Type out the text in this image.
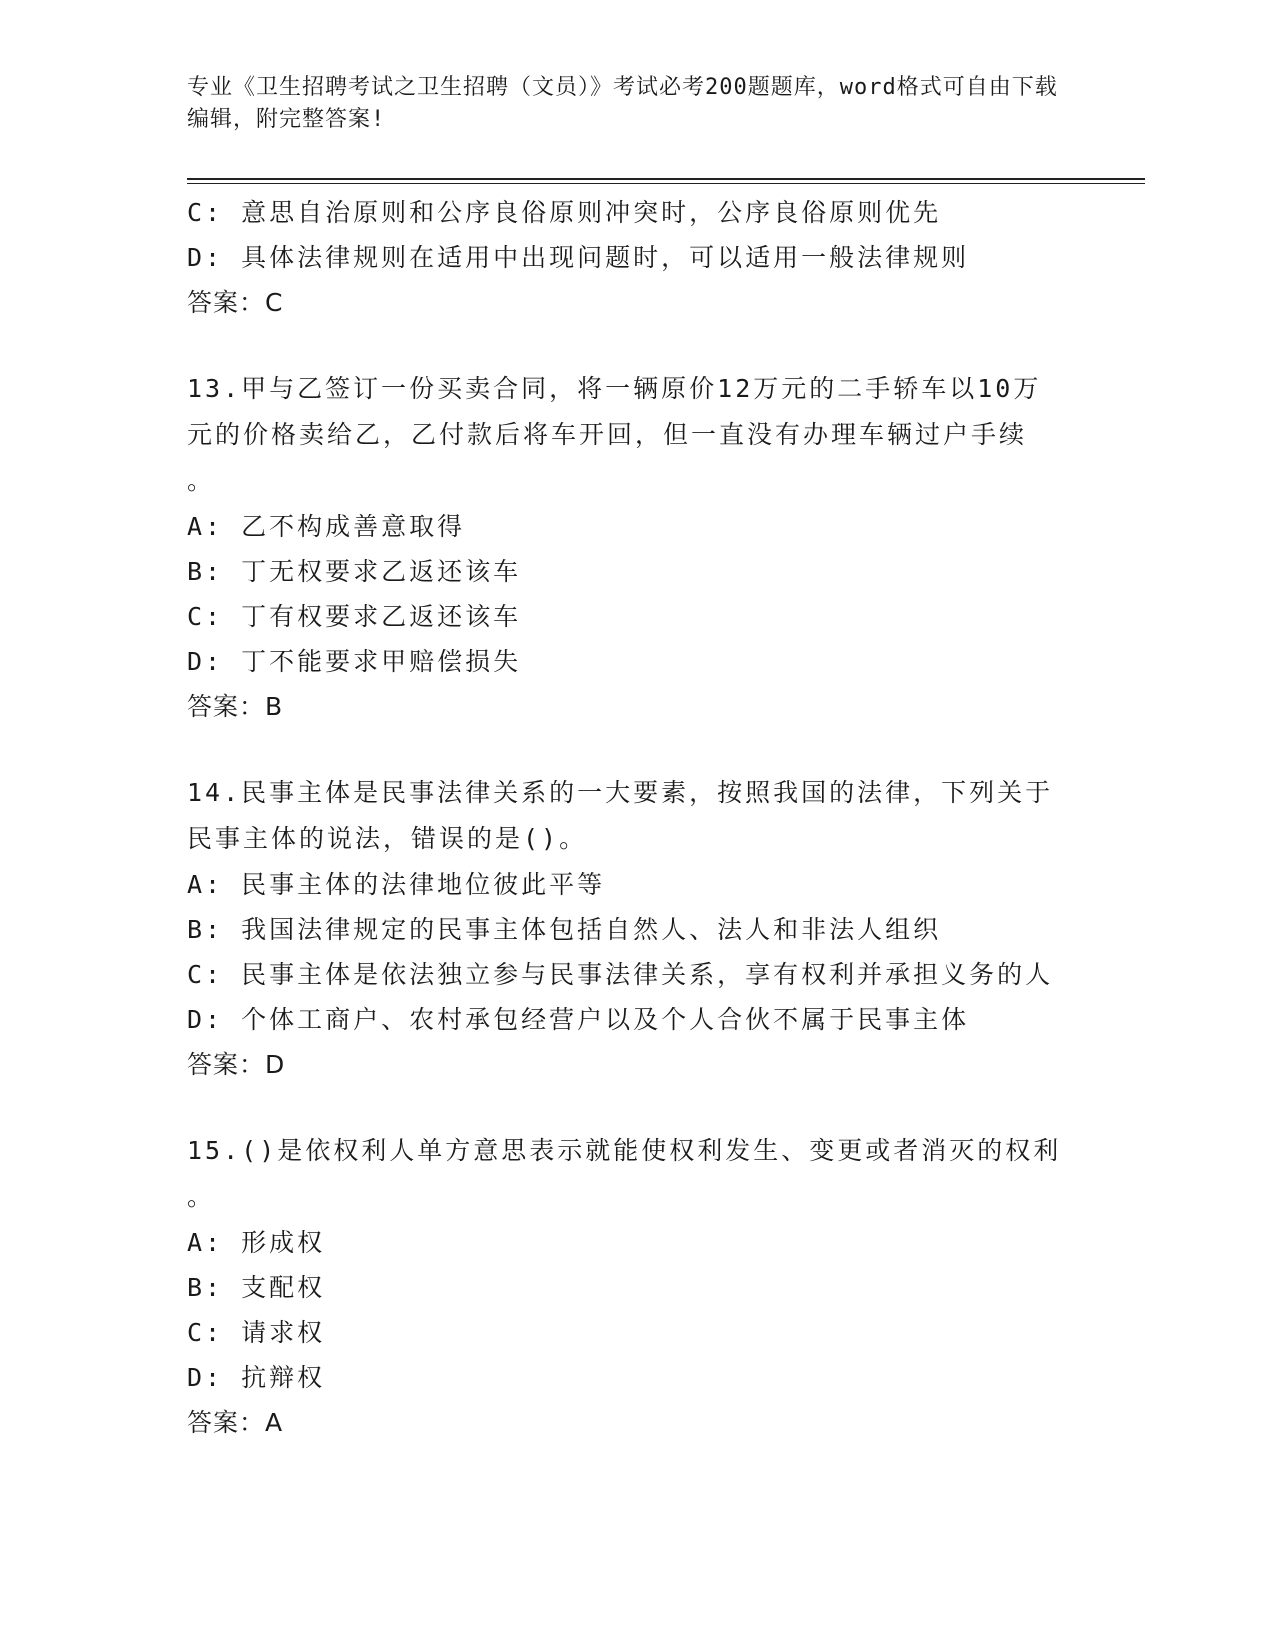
专业《卫生招聘考试之卫生招聘（文员）》考试必考200题题库，word格式可自由下载编辑，附完整答案!
C: 意思自治原则和公序良俗原则冲突时，公序良俗原则优先
D: 具体法律规则在适用中出现问题时，可以适用一般法律规则
答案：C
13.甲与乙签订一份买卖合同，将一辆原价12万元的二手轿车以10万
元的价格卖给乙，乙付款后将车开回，但一直没有办理车辆过户手续
。
A: 乙不构成善意取得
B: 丁无权要求乙返还该车
C: 丁有权要求乙返还该车
D: 丁不能要求甲赔偿损失
答案：B
14.民事主体是民事法律关系的一大要素，按照我国的法律，下列关于
民事主体的说法，错误的是()。
A: 民事主体的法律地位彼此平等
B: 我国法律规定的民事主体包括自然人、法人和非法人组织
C: 民事主体是依法独立参与民事法律关系，享有权利并承担义务的人
D: 个体工商户、农村承包经营户以及个人合伙不属于民事主体
答案：D
15.()是依权利人单方意思表示就能使权利发生、变更或者消灭的权利
。
A: 形成权
B: 支配权
C: 请求权
D: 抗辩权
答案：A
